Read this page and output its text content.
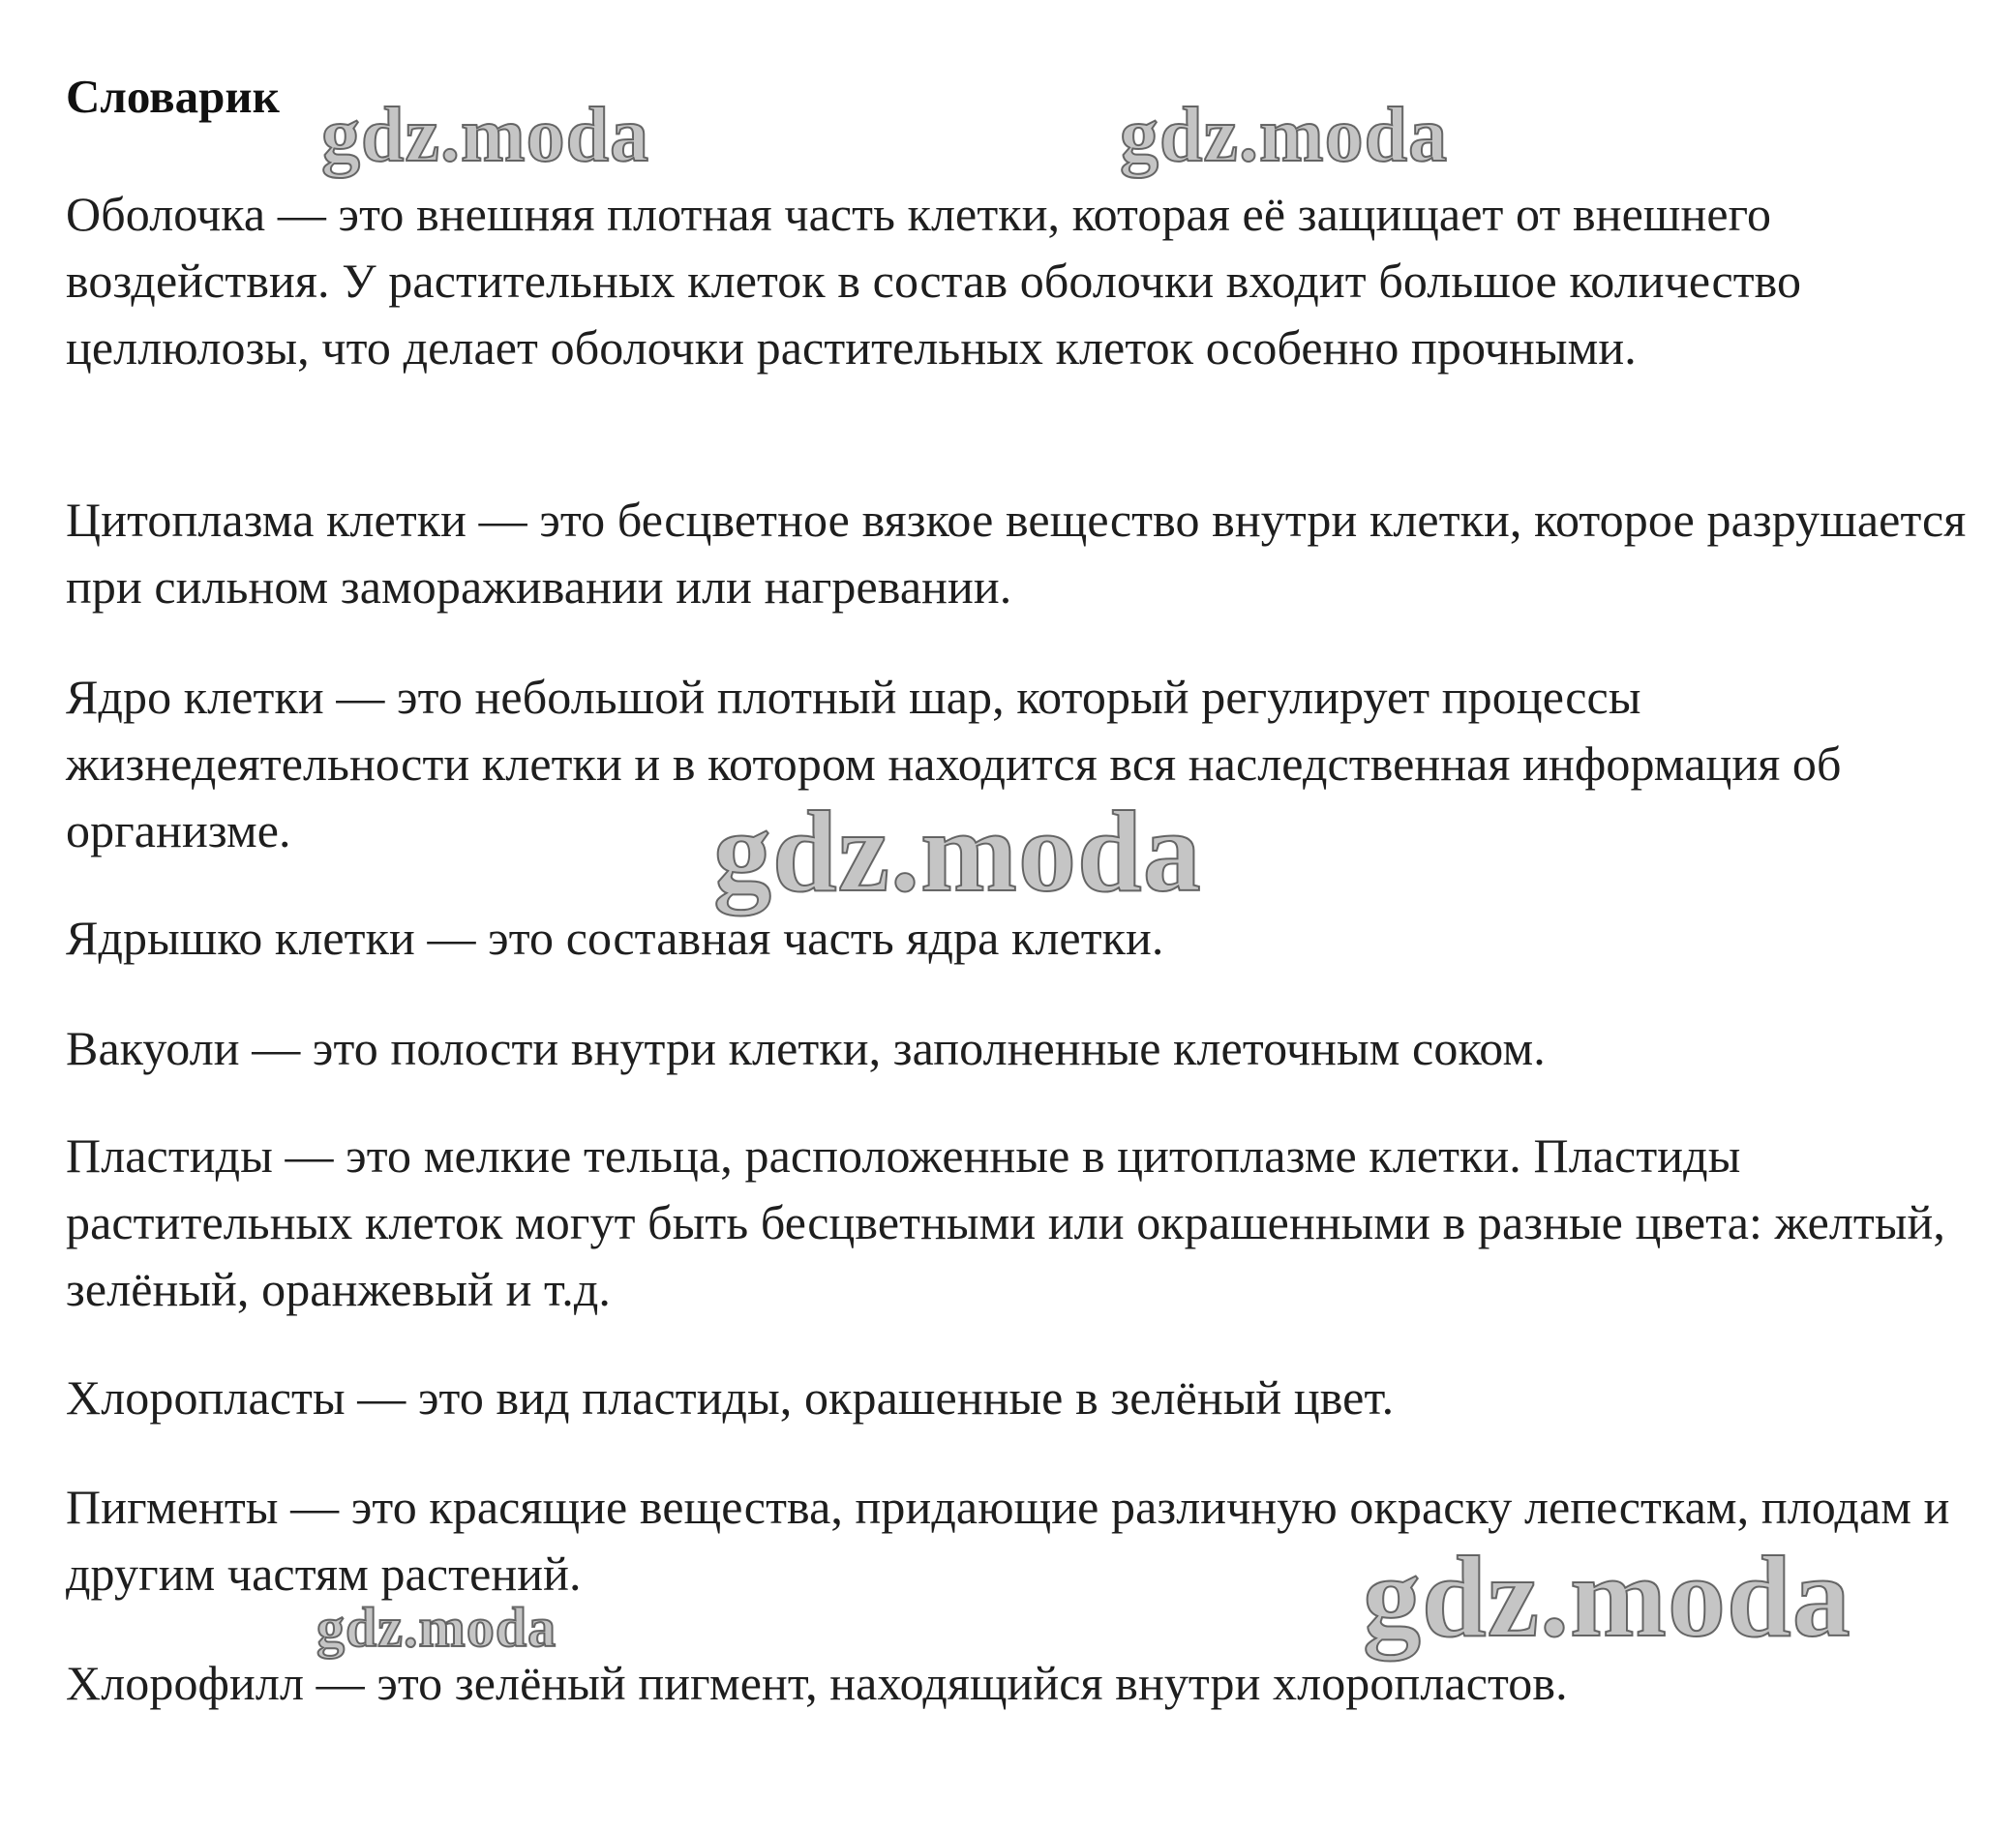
Словарик

Оболочка — это внешняя плотная часть клетки, которая её защищает от внешнего воздействия. У растительных клеток в состав оболочки входит большое количество целлюлозы, что делает оболочки растительных клеток особенно прочными.

Цитоплазма клетки — это бесцветное вязкое вещество внутри клетки, которое разрушается при сильном замораживании или нагревании.

Ядро клетки — это небольшой плотный шар, который регулирует процессы жизнедеятельности клетки и в котором находится вся наследственная информация об организме.

Ядрышко клетки — это составная часть ядра клетки.

Вакуоли — это полости внутри клетки, заполненные клеточным соком.

Пластиды — это мелкие тельца, расположенные в цитоплазме клетки. Пластиды растительных клеток могут быть бесцветными или окрашенными в разные цвета: желтый, зелёный, оранжевый и т.д.

Хлоропласты — это вид пластиды, окрашенные в зелёный цвет.

Пигменты — это красящие вещества, придающие различную окраску лепесткам, плодам и другим частям растений.

Хлорофилл — это зелёный пигмент, находящийся внутри хлоропластов.

gdz.moda	gdz.moda
gdz.moda
gdz.moda
gdz.moda
